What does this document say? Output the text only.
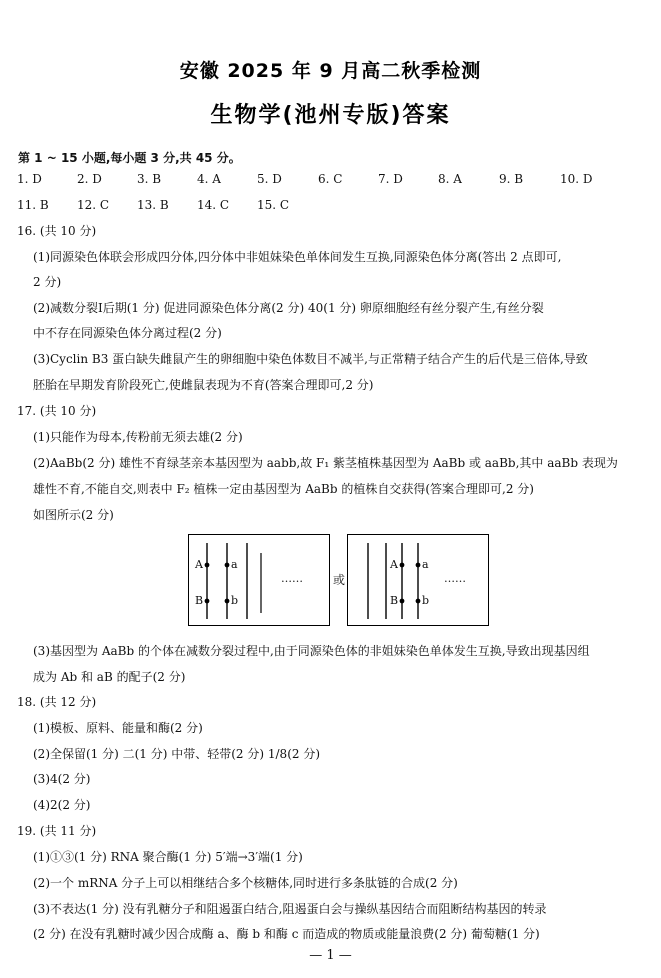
安徽 2025 年 9 月高二秋季检测
生物学(池州专版)答案
第 1 ~ 15 小题,每小题 3 分,共 45 分。
1. D	2. D	3. B	4. A	5. D	6. C	7. D	8. A	9. B	10. D
11. B 12. C 13. B 14. C 15. C
16. (共 10 分)
(1)同源染色体联会形成四分体,四分体中非姐妹染色单体间发生互换,同源染色体分离(答出 2 点即可,
2 分)
(2)减数分裂Ⅰ后期(1 分) 促进同源染色体分离(2 分) 40(1 分) 卵原细胞经有丝分裂产生,有丝分裂
中不存在同源染色体分离过程(2 分)
(3)Cyclin B3 蛋白缺失雌鼠产生的卵细胞中染色体数目不减半,与正常精子结合产生的后代是三倍体,导致
胚胎在早期发育阶段死亡,使雌鼠表现为不育(答案合理即可,2 分)
17. (共 10 分)
(1)只能作为母本,传粉前无须去雄(2 分)
(2)AaBb(2 分) 雄性不育绿茎亲本基因型为 aabb,故 F₁ 紫茎植株基因型为 AaBb 或 aaBb,其中 aaBb 表现为
雄性不育,不能自交,则表中 F₂ 植株一定由基因型为 AaBb 的植株自交获得(答案合理即可,2 分)
如图所示(2 分)
A	a
B	b
……	或
A a
B b
……
(3)基因型为 AaBb 的个体在减数分裂过程中,由于同源染色体的非姐妹染色单体发生互换,导致出现基因组
成为 Ab 和 aB 的配子(2 分)
18. (共 12 分)
(1)模板、原料、能量和酶(2 分)
(2)全保留(1 分) 二(1 分) 中带、轻带(2 分) 1/8(2 分)
(3)4(2 分)
(4)2(2 分)
19. (共 11 分)
(1)①③(1 分) RNA 聚合酶(1 分) 5′端→3′端(1 分)
(2)一个 mRNA 分子上可以相继结合多个核糖体,同时进行多条肽链的合成(2 分)
(3)不表达(1 分) 没有乳糖分子和阻遏蛋白结合,阻遏蛋白会与操纵基因结合而阻断结构基因的转录
(2 分) 在没有乳糖时减少因合成酶 a、酶 b 和酶 c 而造成的物质或能量浪费(2 分) 葡萄糖(1 分)
— 1 —
